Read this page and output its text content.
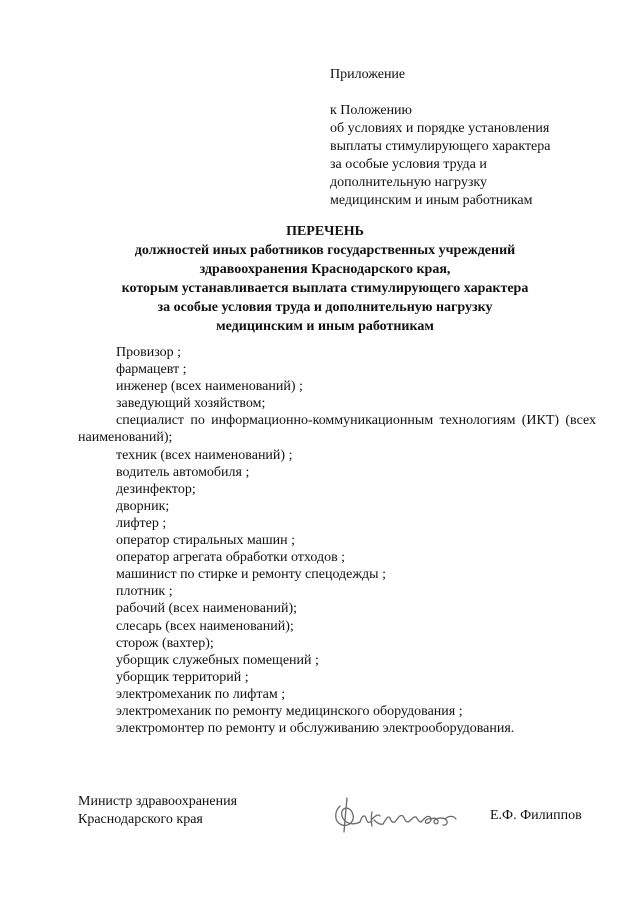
Приложение
к Положению
об условиях и порядке установления
выплаты стимулирующего характера
за особые условия труда и
дополнительную нагрузку
медицинским и иным работникам
ПЕРЕЧЕНЬ
должностей иных работников государственных учреждений
здравоохранения Краснодарского края,
которым устанавливается выплата стимулирующего характера
за особые условия труда и дополнительную нагрузку
медицинским и иным работникам
Провизор ;
фармацевт ;
инженер (всех наименований) ;
заведующий хозяйством;
специалист по информационно-коммуникационным технологиям (ИКТ) (всех наименований);
техник (всех наименований) ;
водитель автомобиля ;
дезинфектор;
дворник;
лифтер ;
оператор стиральных машин ;
оператор агрегата обработки отходов ;
машинист по стирке и ремонту спецодежды ;
плотник ;
рабочий (всех наименований);
слесарь (всех наименований);
сторож (вахтер);
уборщик служебных помещений ;
уборщик территорий ;
электромеханик по лифтам ;
электромеханик по ремонту медицинского оборудования ;
электромонтер по ремонту и обслуживанию электрооборудования.
Министр здравоохранения
Краснодарского края	Е.Ф. Филиппов
